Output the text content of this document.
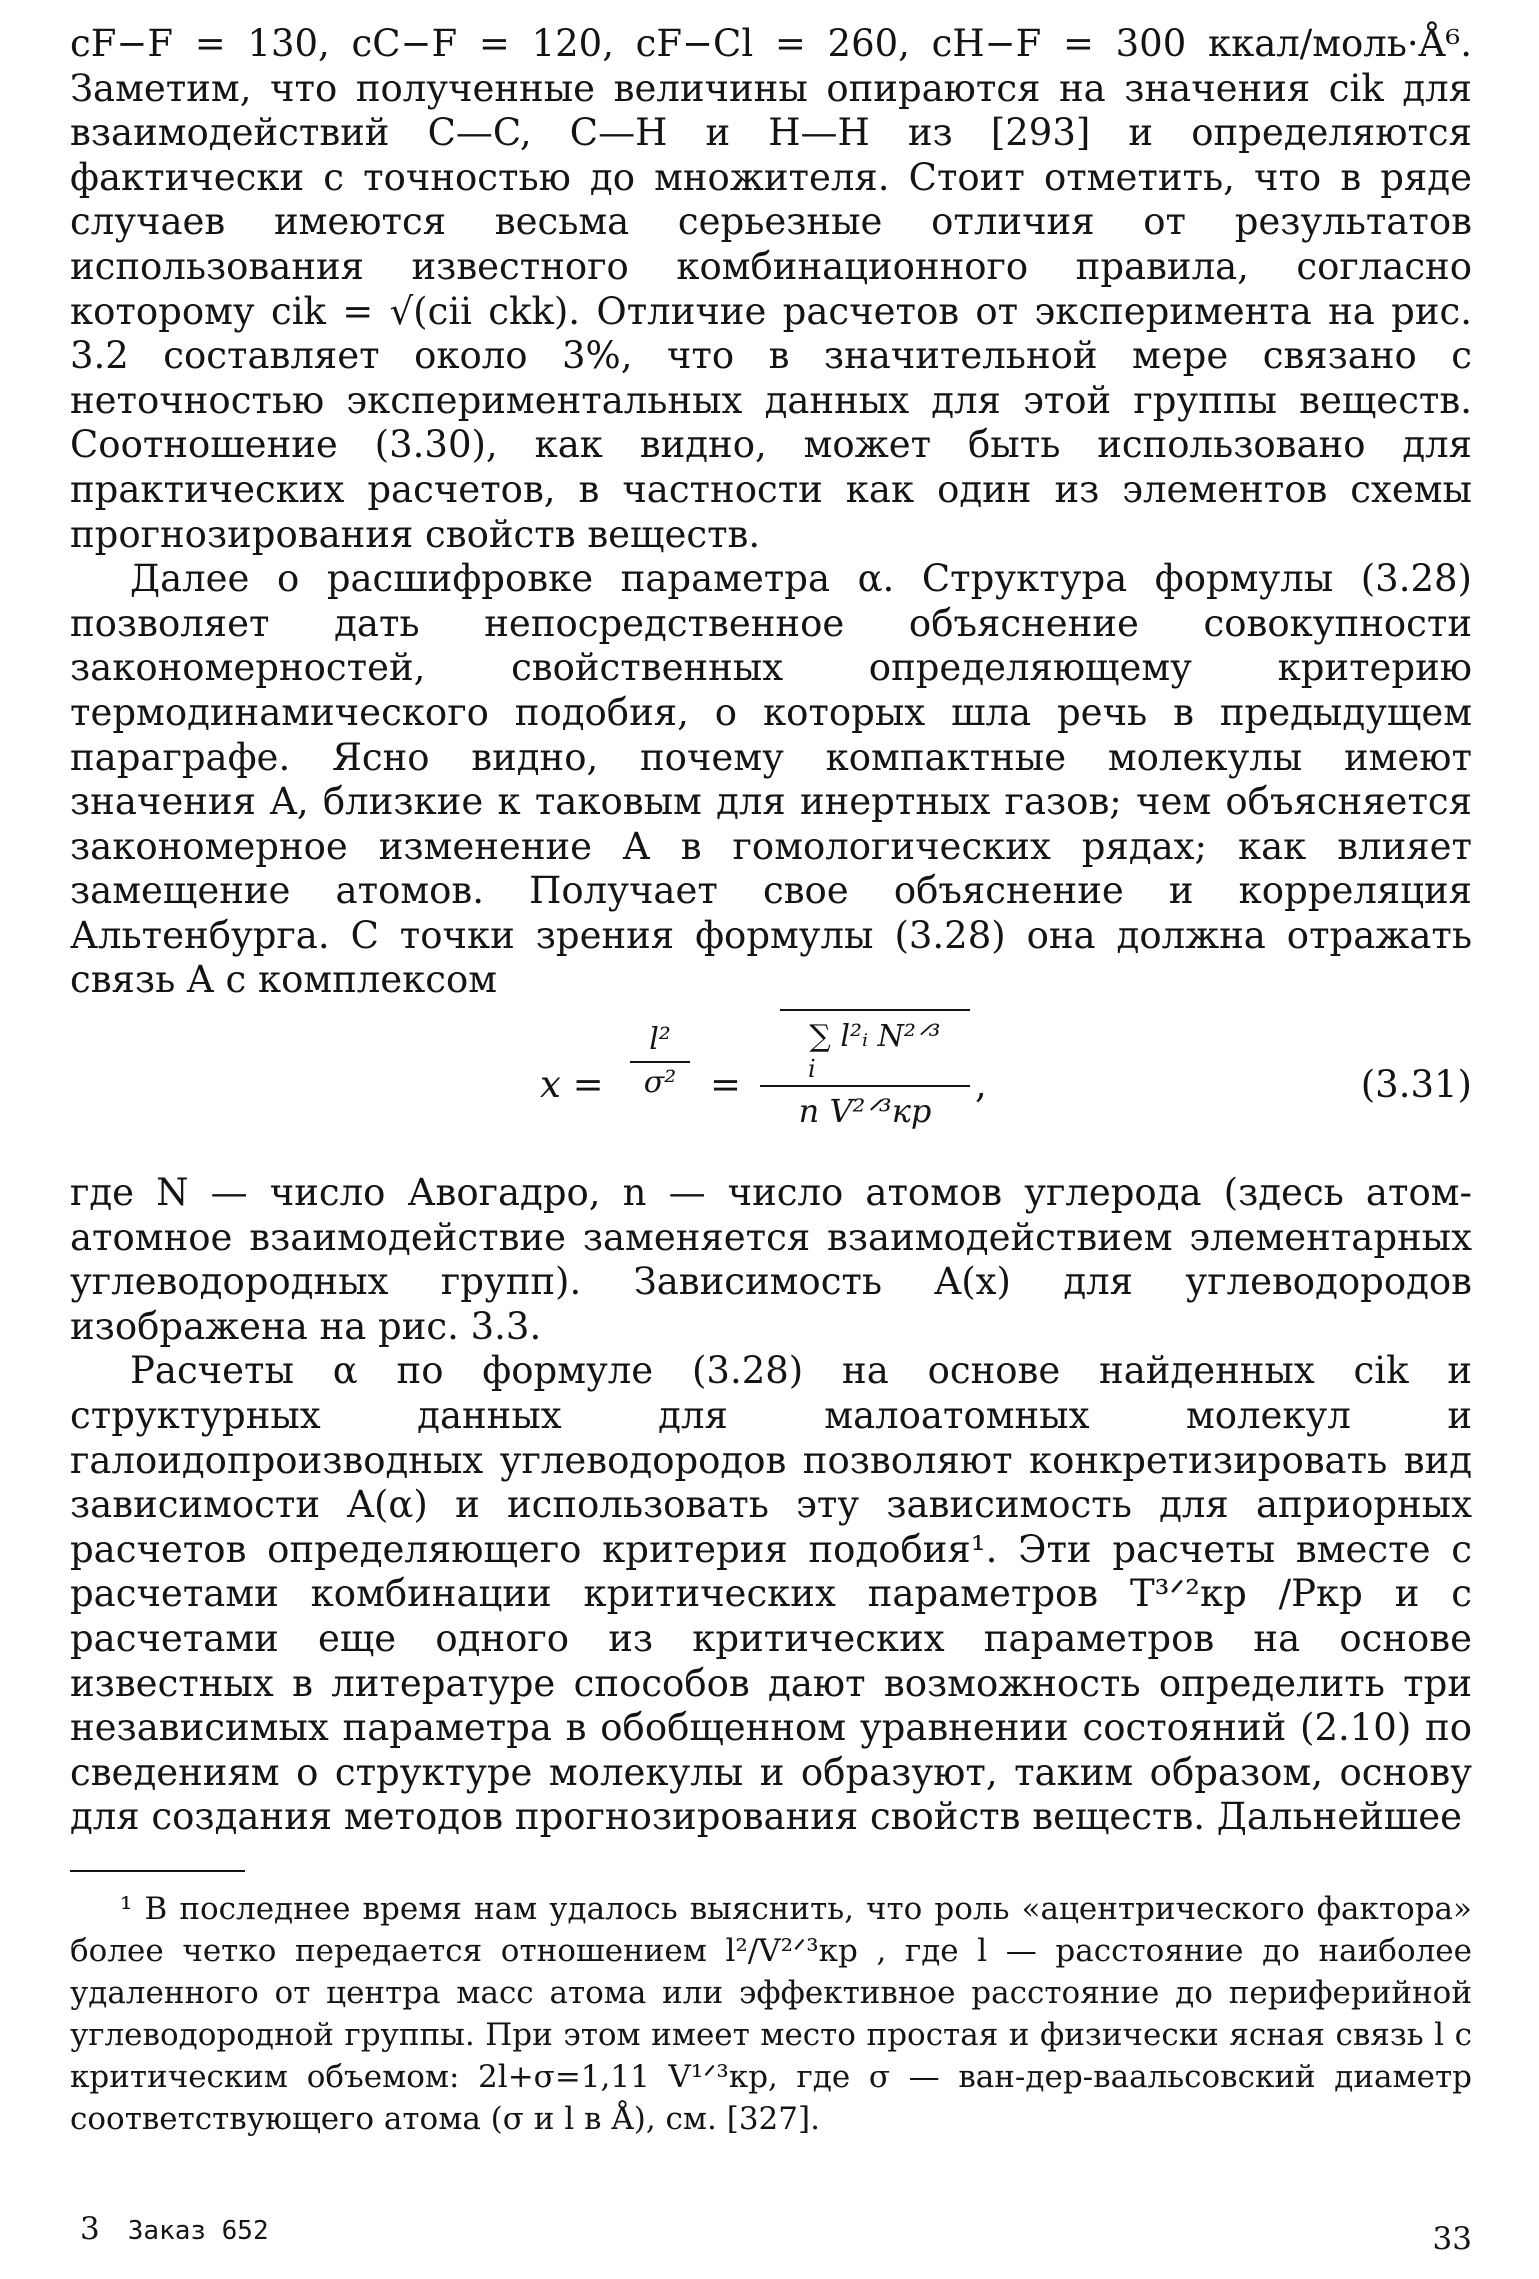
cF−F = 130, cC−F = 120, cF−Cl = 260, cH−F = 300 ккал/моль·Å⁶. Заметим, что полученные величины опираются на значения cik для взаимодействий C—C, C—H и H—H из [293] и определяются фактически с точностью до множителя. Стоит отметить, что в ряде случаев имеются весьма серьезные отличия от результатов использования известного комбинационного правила, согласно которому cik = √(cii ckk). Отличие расчетов от эксперимента на рис. 3.2 составляет около 3%, что в значительной мере связано с неточностью экспериментальных данных для этой группы веществ. Соотношение (3.30), как видно, может быть использовано для практических расчетов, в частности как один из элементов схемы прогнозирования свойств веществ.

Далее о расшифровке параметра α. Структура формулы (3.28) позволяет дать непосредственное объяснение совокупности закономерностей, свойственных определяющему критерию термодинамического подобия, о которых шла речь в предыдущем параграфе. Ясно видно, почему компактные молекулы имеют значения A, близкие к таковым для инертных газов; чем объясняется закономерное изменение A в гомологических рядах; как влияет замещение атомов. Получает свое объяснение и корреляция Альтенбурга. С точки зрения формулы (3.28) она должна отражать связь A с комплексом

x =
l²
σ² =
∑ l²ᵢ N²ᐟ³
i
n V²ᐟ³кр
,	(3.31)

где N — число Авогадро, n — число атомов углерода (здесь атом-атомное взаимодействие заменяется взаимодействием элементарных углеводородных групп). Зависимость A(x) для углеводородов изображена на рис. 3.3.

Расчеты α по формуле (3.28) на основе найденных cik и структурных данных для малоатомных молекул и галоидопроизводных углеводородов позволяют конкретизировать вид зависимости A(α) и использовать эту зависимость для априорных расчетов определяющего критерия подобия¹. Эти расчеты вместе с расчетами комбинации критических параметров T³ᐟ²кр /Pкр и с расчетами еще одного из критических параметров на основе известных в литературе способов дают возможность определить три независимых параметра в обобщенном уравнении состояний (2.10) по сведениям о структуре молекулы и образуют, таким образом, основу для создания методов прогнозирования свойств веществ. Дальнейшее

¹ В последнее время нам удалось выяснить, что роль «ацентрического фактора» более четко передается отношением l²/V²ᐟ³кр , где l — расстояние до наиболее удаленного от центра масс атома или эффективное расстояние до периферийной углеводородной группы. При этом имеет место простая и физически ясная связь l с критическим объемом: 2l+σ=1,11 V¹ᐟ³кр, где σ — ван-дер-ваальсовский диаметр соответствующего атома (σ и l в Å), см. [327].

3 Заказ 652	33
